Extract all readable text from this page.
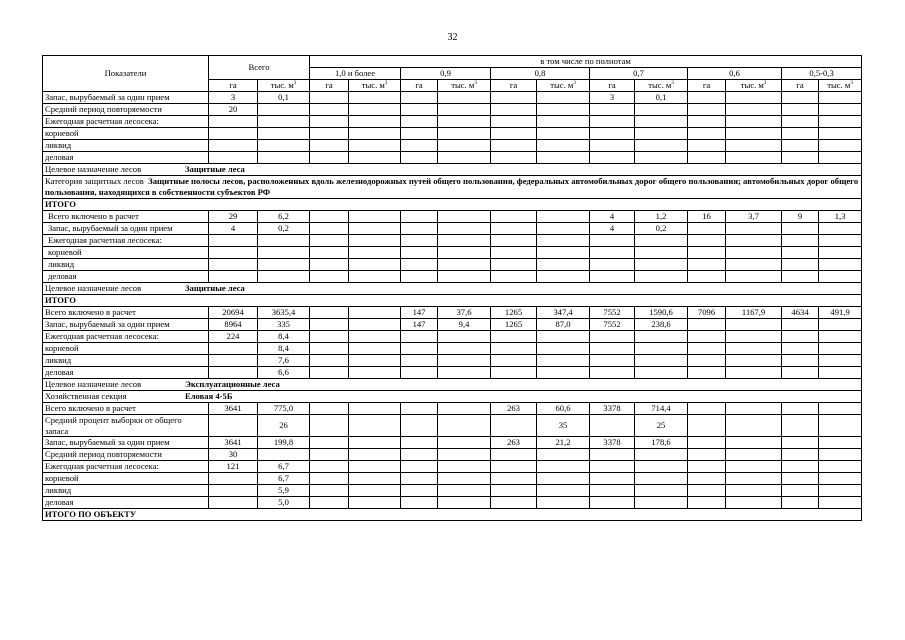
32
Показатели	Всего		в том числе по полнотам											
			1,0 и более		0,9		0,8		0,7		0,6		0,5-0,3	
	га	тыс. $м^3$	га	тыс. $м^3$	га	тыс. $м^3$	га	тыс. $м^3$	га	тыс. $м^3$	га	тыс. $м^3$	га	тыс. $м^3$
Запас, вырубаемый за один прием	3	0,1							3	0,1				
Средний период повторяемости	20													
Ежегодная расчетная лесосека:														
корневой														
ликвид														
деловая														
Целевое назначение лесов Защитные леса														
Категория защитных лесов Защитные полосы лесов, расположенных вдоль железнодорожных путей общего пользования, федеральных автомобильных дорог общего пользования; автомобильных дорог общего пользования, находящихся в собственности субъектов РФ														
ИТОГО														
Всего включено в расчет	29	6,2							4	1,2	16	3,7	9	1,3
Запас, вырубаемый за один прием	4	0,2							4	0,2				
Ежегодная расчетная лесосека:														
корневой														
ликвид														
деловая														
Целевое назначение лесов Защитные леса														
ИТОГО														
Всего включено в расчет	20694	3635,4			147	37,6	1265	347,4	7552	1590,6	7096	1167,9	4634	491,9
Запас, вырубаемый за один прием	8964	335			147	9,4	1265	87,0	7552	238,6				
Ежегодная расчетная лесосека:	224	8,4												
корневой		8,4												
ликвид		7,6												
деловая		6,6												
Целевое назначение лесов Эксплуатационные леса														
Хозяйственная секция Еловая 4-5Б														
Всего включено в расчет	3641	775,0					263	60,6	3378	714,4				
Средний процент выборки от общего запаса		26						35		25				
Запас, вырубаемый за один прием	3641	199,8					263	21,2	3378	178,6				
Средний период повторяемости	30													
Ежегодная расчетная лесосека:	121	6,7												
корневой		6,7												
ликвид		5,9												
деловая		5,0												
ИТОГО ПО ОБЪЕКТУ														
